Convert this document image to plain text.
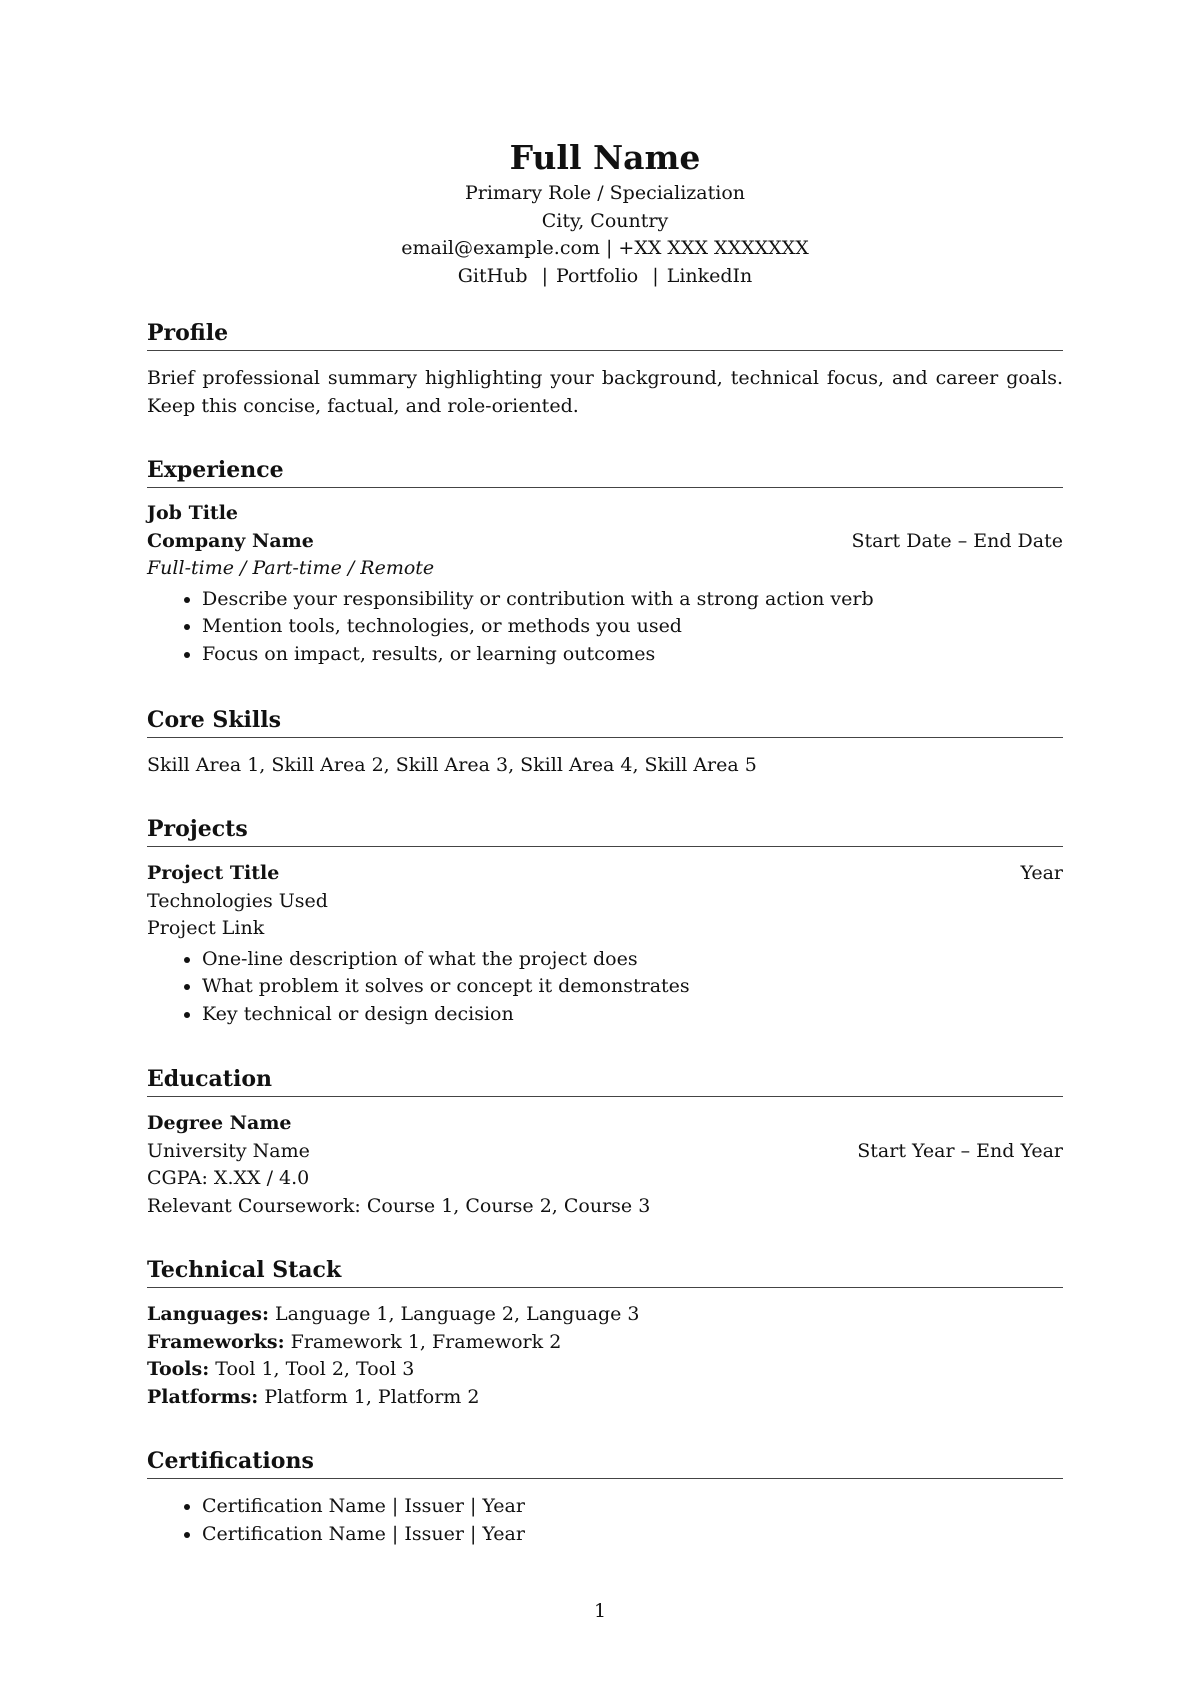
Full Name
Primary Role / Specialization
City, Country
email@example.com | +XX XXX XXXXXXX
GitHub | Portfolio | LinkedIn
Profile
Brief professional summary highlighting your background, technical focus, and career goals. Keep this concise, factual, and role-oriented.
Experience
Job Title
Company Name	Start Date – End Date
Full-time / Part-time / Remote
• Describe your responsibility or contribution with a strong action verb
• Mention tools, technologies, or methods you used
• Focus on impact, results, or learning outcomes
Core Skills
Skill Area 1, Skill Area 2, Skill Area 3, Skill Area 4, Skill Area 5
Projects
Project Title	Year
Technologies Used
Project Link
• One-line description of what the project does
• What problem it solves or concept it demonstrates
• Key technical or design decision
Education
Degree Name
University Name	Start Year – End Year
CGPA: X.XX / 4.0
Relevant Coursework: Course 1, Course 2, Course 3
Technical Stack
Languages: Language 1, Language 2, Language 3
Frameworks: Framework 1, Framework 2
Tools: Tool 1, Tool 2, Tool 3
Platforms: Platform 1, Platform 2
Certifications
• Certification Name | Issuer | Year
• Certification Name | Issuer | Year
1
